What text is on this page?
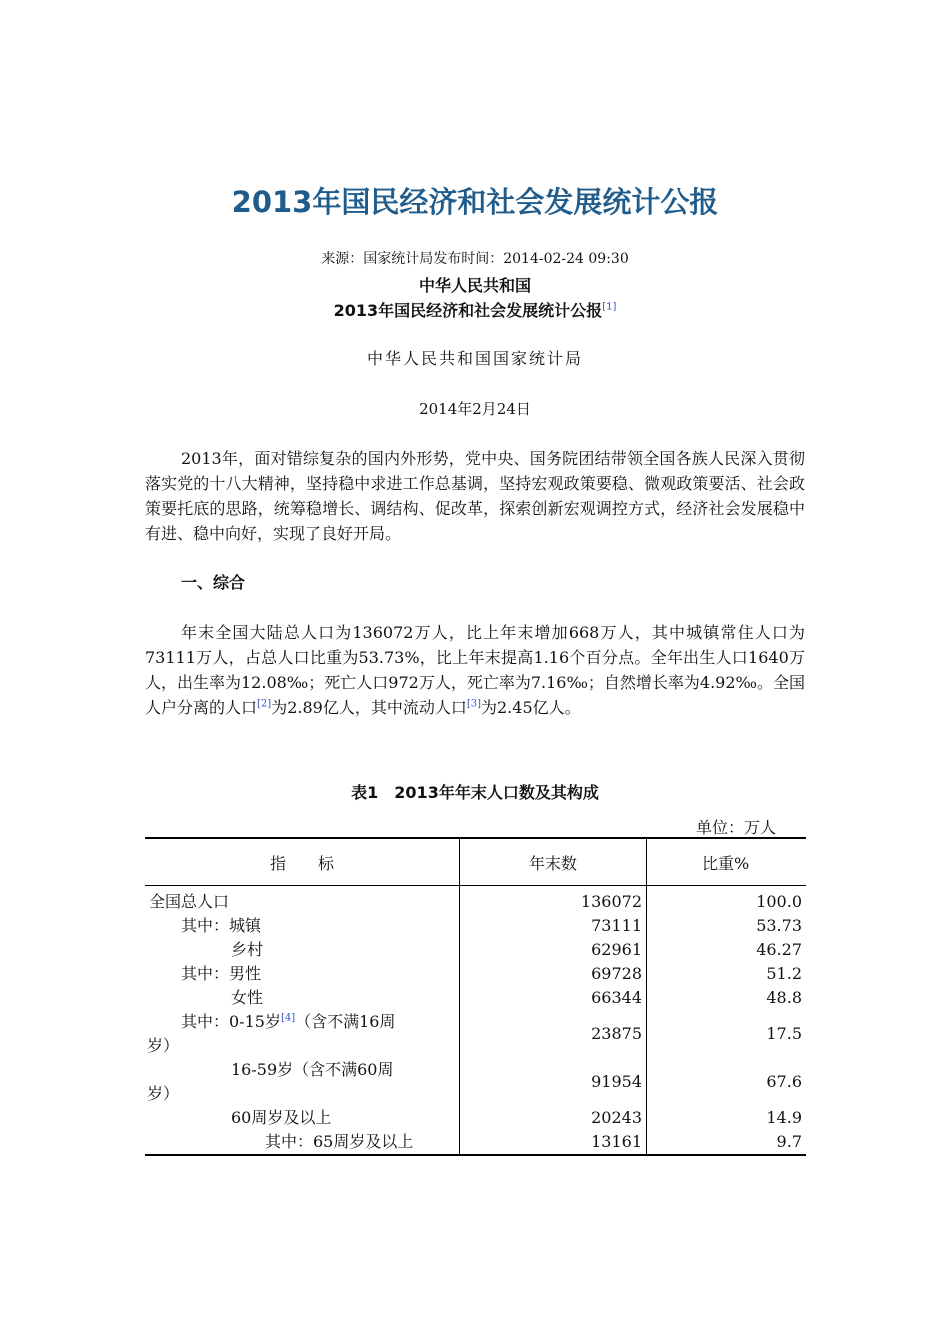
2013年国民经济和社会发展统计公报
来源：国家统计局发布时间：2014-02-24 09:30
中华人民共和国
2013年国民经济和社会发展统计公报[1]
中华人民共和国国家统计局
2014年2月24日

2013年，面对错综复杂的国内外形势，党中央、国务院团结带领全国各族人民深入贯彻落实党的十八大精神，坚持稳中求进工作总基调，坚持宏观政策要稳、微观政策要活、社会政策要托底的思路，统筹稳增长、调结构、促改革，探索创新宏观调控方式，经济社会发展稳中有进、稳中向好，实现了良好开局。

一、综合

年末全国大陆总人口为136072万人，比上年末增加668万人，其中城镇常住人口为73111万人，占总人口比重为53.73%，比上年末提高1.16个百分点。全年出生人口1640万人，出生率为12.08‰；死亡人口972万人，死亡率为7.16‰；自然增长率为4.92‰。全国人户分离的人口[2]为2.89亿人，其中流动人口[3]为2.45亿人。

表1　2013年年末人口数及其构成
单位：万人
指　　标	年末数	比重%
全国总人口	136072	100.0
其中：城镇	73111	53.73
乡村	62961	46.27
其中：男性	69728	51.2
女性	66344	48.8

其中：0-15岁[4]（含不满16周
岁）	23875	17.5

16-59岁（含不满60周
岁）	91954	67.6
60周岁及以上	20243	14.9
其中：65周岁及以上	13161	9.7
